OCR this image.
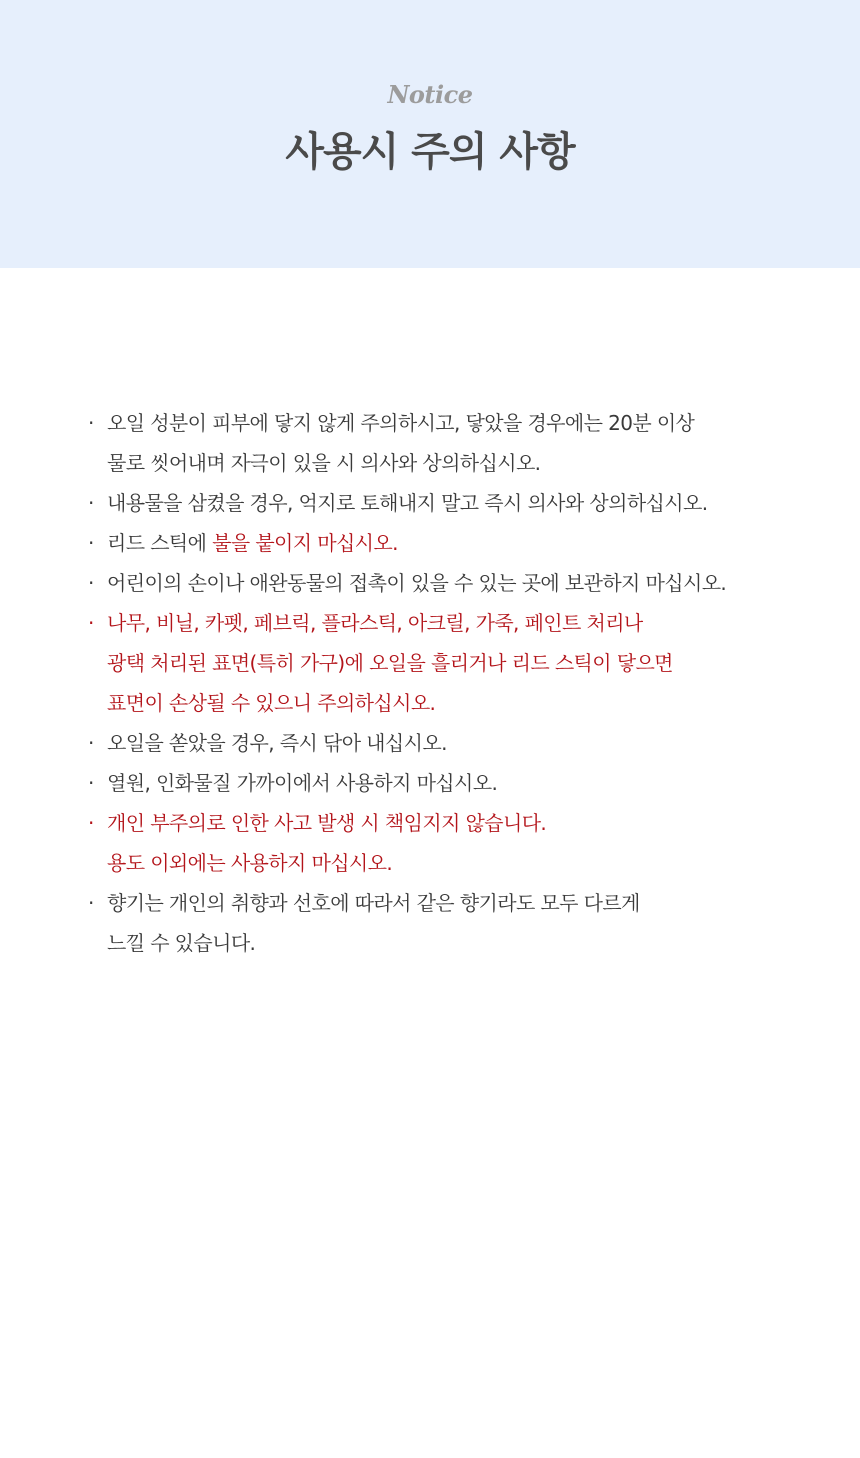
Notice
사용시 주의 사항
· 오일 성분이 피부에 닿지 않게 주의하시고, 닿았을 경우에는 20분 이상
물로 씻어내며 자극이 있을 시 의사와 상의하십시오.
· 내용물을 삼켰을 경우, 억지로 토해내지 말고 즉시 의사와 상의하십시오.
· 리드 스틱에 불을 붙이지 마십시오.
· 어린이의 손이나 애완동물의 접촉이 있을 수 있는 곳에 보관하지 마십시오.
· 나무, 비닐, 카펫, 페브릭, 플라스틱, 아크릴, 가죽, 페인트 처리나
광택 처리된 표면(특히 가구)에 오일을 흘리거나 리드 스틱이 닿으면
표면이 손상될 수 있으니 주의하십시오.
· 오일을 쏟았을 경우, 즉시 닦아 내십시오.
· 열원, 인화물질 가까이에서 사용하지 마십시오.
· 개인 부주의로 인한 사고 발생 시 책임지지 않습니다.
용도 이외에는 사용하지 마십시오.
· 향기는 개인의 취향과 선호에 따라서 같은 향기라도 모두 다르게
느낄 수 있습니다.
